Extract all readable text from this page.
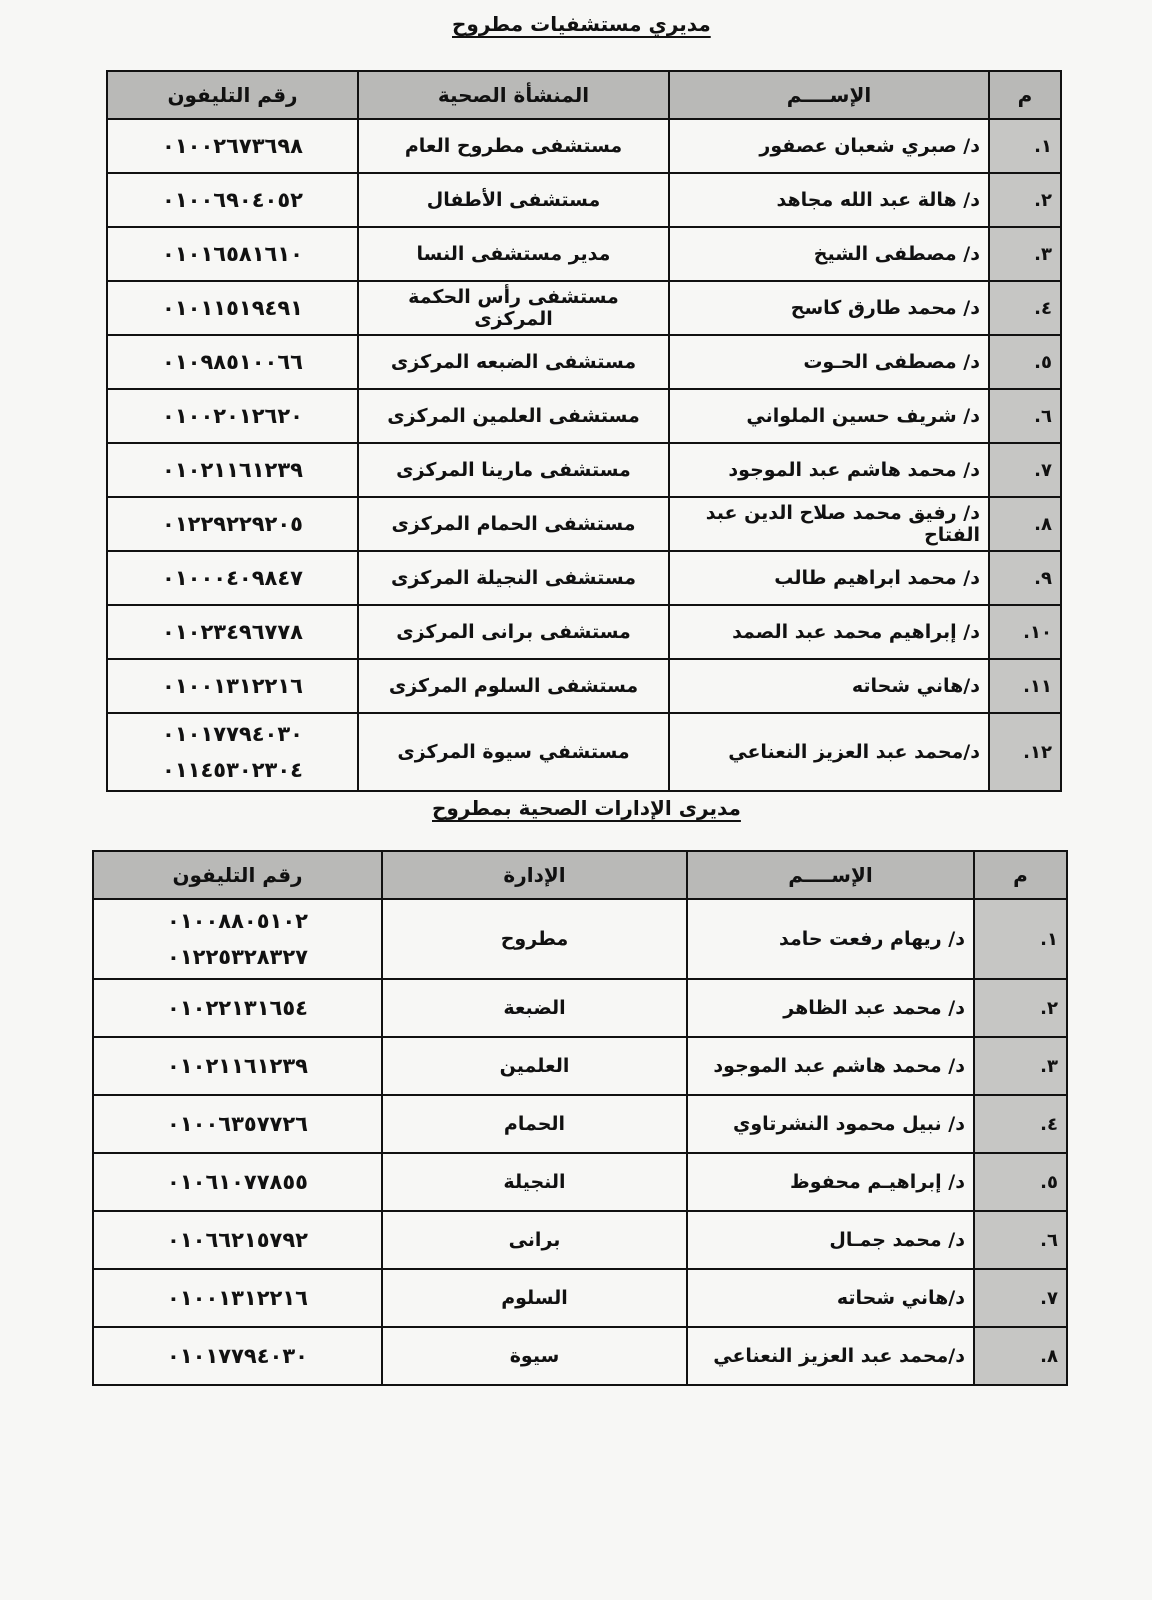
مديري مستشفيات مطروح
م	الإســــم	المنشأة الصحية	رقم التليفون
١.	د/ صبري شعبان عصفور	مستشفى مطروح العام	٠١٠٠٢٦٧٣٦٩٨

٢.	د/ هالة عبد الله مجاهد	مستشفى الأطفال	٠١٠٠٦٩٠٤٠٥٢

٣.	د/ مصطفى الشيخ	مدير مستشفى النسا	٠١٠١٦٥٨١٦١٠

٤.	د/ محمد طارق كاسح	مستشفى رأس الحكمة المركزى	٠١٠١١٥١٩٤٩١

٥.	د/ مصطفى الحـوت	مستشفى الضبعه المركزى	٠١٠٩٨٥١٠٠٦٦

٦.	د/ شريف حسين الملواني	مستشفى العلمين المركزى	٠١٠٠٢٠١٢٦٢٠

٧.	د/ محمد هاشم عبد الموجود	مستشفى مارينا المركزى	٠١٠٢١١٦١٢٣٩

٨.	د/ رفيق محمد صلاح الدين عبد الفتاح	مستشفى الحمام المركزى	٠١٢٢٩٢٢٩٢٠٥

٩.	د/ محمد ابراهيم طالب	مستشفى النجيلة المركزى	٠١٠٠٠٤٠٩٨٤٧

١٠.	د/ إبراهيم محمد عبد الصمد	مستشفى برانى المركزى	٠١٠٢٣٤٩٦٧٧٨

١١.	د/هاني شحاته	مستشفى السلوم المركزى	٠١٠٠١٣١٢٢١٦

١٢.	د/محمد عبد العزيز النعناعي	مستشفي سيوة المركزى	٠١٠١٧٧٩٤٠٣٠
٠١١٤٥٣٠٢٣٠٤
مديرى الإدارات الصحية بمطروح
م	الإســــم	الإدارة	رقم التليفون
١.	د/ ريهام رفعت حامد	مطروح	٠١٠٠٨٨٠٥١٠٢
٠١٢٢٥٣٢٨٣٢٧

٢.	د/ محمد عبد الظاهر	الضبعة	٠١٠٢٢١٣١٦٥٤

٣.	د/ محمد هاشم عبد الموجود	العلمين	٠١٠٢١١٦١٢٣٩

٤.	د/ نبيل محمود النشرتاوي	الحمام	٠١٠٠٦٣٥٧٧٢٦

٥.	د/ إبراهيـم محفوظ	النجيلة	٠١٠٦١٠٧٧٨٥٥

٦.	د/ محمد جمـال	برانى	٠١٠٦٦٢١٥٧٩٢

٧.	د/هاني شحاته	السلوم	٠١٠٠١٣١٢٢١٦

٨.	د/محمد عبد العزيز النعناعي	سيوة	٠١٠١٧٧٩٤٠٣٠
